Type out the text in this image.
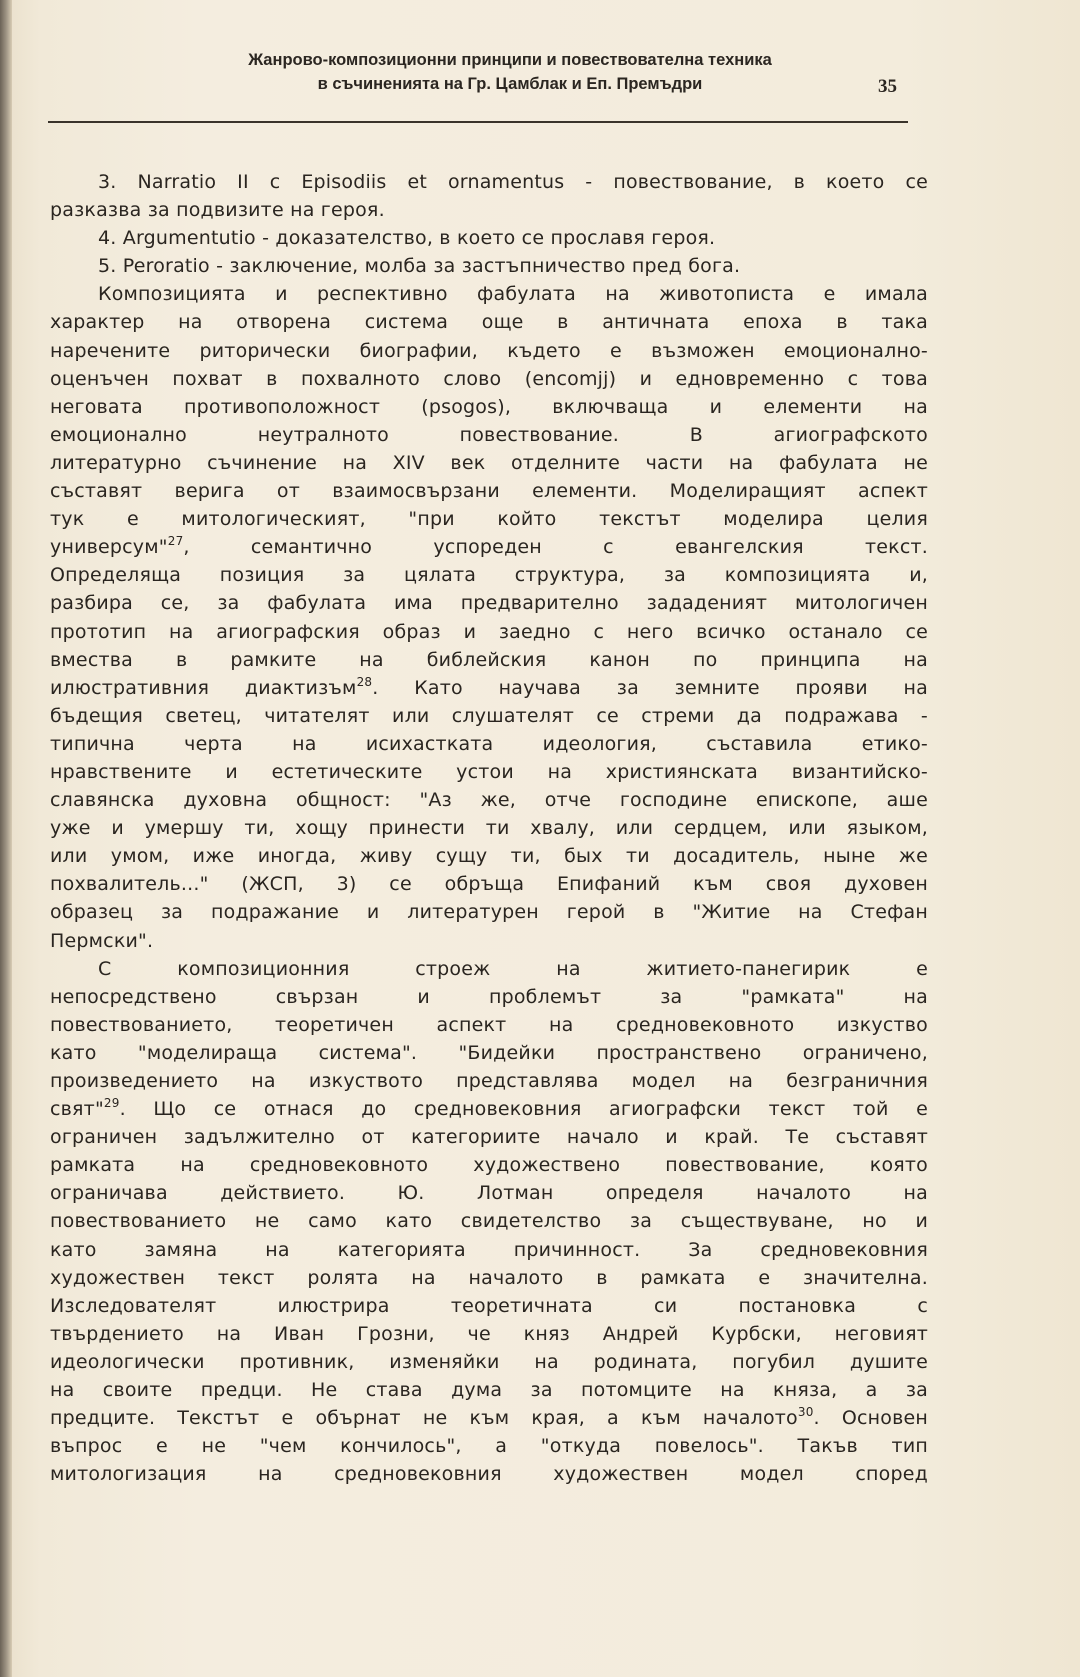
Жанрово-композиционни принципи и повествователна техника
в съчиненията на Гр. Цамблак и Еп. Премъдри	35
3. Narratio II с Episodiis et ornamentus - повествование, в което се
разказва за подвизите на героя.
4. Argumentutio - доказателство, в което се прославя героя.
5. Perorаtio - заключение, молба за застъпничество пред бога.
Композицията и респективно фабулата на животописта е имала
характер на отворена система още в античната епоха в така
наречените риторически биографии, където е възможен емоционално-
оценъчен похват в похвалното слово (encomjj) и едновременно с това
неговата противоположност (psogos), включваща и елементи на
емоционално неутралното повествование. В агиографското
литературно съчинение на XIV век отделните части на фабулата не
съставят верига от взаимосвързани елементи. Моделиращият аспект
тук е митологическият, "при който текстът моделира целия
универсум"$^{27}$, семантично успореден с евангелския текст.
Определяща позиция за цялата структура, за композицията и,
разбира се, за фабулата има предварително зададеният митологичен
прототип на агиографския образ и заедно с него всичко останало се
вмества в рамките на библейския канон по принципа на
илюстративния диактизъм$^{28}$. Като научава за земните прояви на
бъдещия светец, читателят или слушателят се стреми да подражава -
типична черта на исихастката идеология, съставила етико-
нравствените и естетическите устои на християнската византийско-
славянска духовна общност: "Аз же, отче господине епископе, аше
уже и умершу ти, хощу принести ти хвалу, или сердцем, или языком,
или умом, иже иногда, живу сущу ти, бых ти досадитель, ныне же
похвалитель..." (ЖСП, 3) се обръща Епифаний към своя духовен
образец за подражание и литературен герой в "Житие на Стефан
Пермски".
С композиционния строеж на житието-панегирик е
непосредствено свързан и проблемът за "рамката" на
повествованието, теоретичен аспект на средновековното изкуство
като "моделираща система". "Бидейки пространствено ограничено,
произведението на изкуството представлява модел на безграничния
свят"$^{29}$. Що се отнася до средновековния агиографски текст той е
ограничен задължително от категориите начало и край. Те съставят
рамката на средновековното художествено повествование, която
ограничава действието. Ю. Лотман определя началото на
повествованието не само като свидетелство за съществуване, но и
като замяна на категорията причинност. За средновековния
художествен текст ролята на началото в рамката е значителна.
Изследователят илюстрира теоретичната си постановка с
твърдението на Иван Грозни, че княз Андрей Курбски, неговият
идеологически противник, изменяйки на родината, погубил душите
на своите предци. Не става дума за потомците на княза, а за
предците. Текстът е обърнат не към края, а към началото$^{30}$. Основен
въпрос е не "чем кончилось", а "откуда повелось". Такъв тип
митологизация на средновековния художествен модел според
